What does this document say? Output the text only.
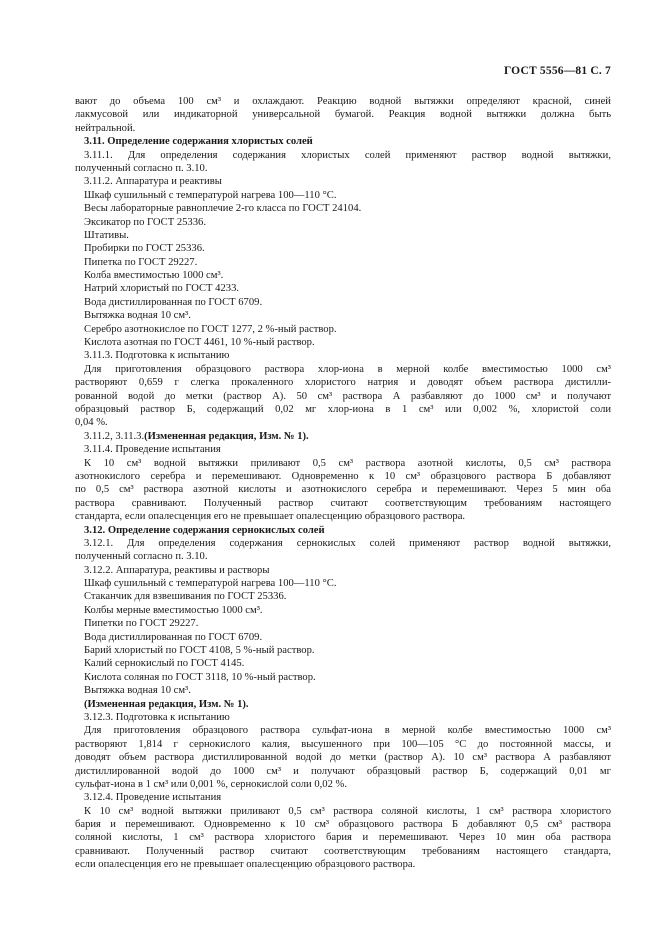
ГОСТ 5556—81 С. 7
вают до объема 100 см³ и охлаждают. Реакцию водной вытяжки определяют красной, синей
лакмусовой или индикаторной универсальной бумагой. Реакция водной вытяжки должна быть
нейтральной.
3.11. Определение содержания хлористых солей
3.11.1. Для определения содержания хлористых солей применяют раствор водной вытяжки,
полученный согласно п. 3.10.
3.11.2. Аппаратура и реактивы
Шкаф сушильный с температурой нагрева 100—110 °С.
Весы лабораторные равноплечие 2-го класса по ГОСТ 24104.
Эксикатор по ГОСТ 25336.
Штативы.
Пробирки по ГОСТ 25336.
Пипетка по ГОСТ 29227.
Колба вместимостью 1000 см³.
Натрий хлористый по ГОСТ 4233.
Вода дистиллированная по ГОСТ 6709.
Вытяжка водная 10 см³.
Серебро азотнокислое по ГОСТ 1277, 2 %-ный раствор.
Кислота азотная по ГОСТ 4461, 10 %-ный раствор.
3.11.3. Подготовка к испытанию
Для приготовления образцового раствора хлор-иона в мерной колбе вместимостью 1000 см³
растворяют 0,659 г слегка прокаленного хлористого натрия и доводят объем раствора дистилли-
рованной водой до метки (раствор А). 50 см³ раствора А разбавляют до 1000 см³ и получают
образцовый раствор Б, содержащий 0,02 мг хлор-иона в 1 см³ или 0,002 %, хлористой соли
0,04 %.
3.11.2, 3.11.3.(Измененная редакция, Изм. № 1).
3.11.4. Проведение испытания
К 10 см³ водной вытяжки приливают 0,5 см³ раствора азотной кислоты, 0,5 см³ раствора
азотнокислого серебра и перемешивают. Одновременно к 10 см³ образцового раствора Б добавляют
по 0,5 см³ раствора азотной кислоты и азотнокислого серебра и перемешивают. Через 5 мин оба
раствора сравнивают. Полученный раствор считают соответствующим требованиям настоящего
стандарта, если опалесценция его не превышает опалесценцию образцового раствора.
3.12. Определение содержания сернокислых солей
3.12.1. Для определения содержания сернокислых солей применяют раствор водной вытяжки,
полученный согласно п. 3.10.
3.12.2. Аппаратура, реактивы и растворы
Шкаф сушильный с температурой нагрева 100—110 °С.
Стаканчик для взвешивания по ГОСТ 25336.
Колбы мерные вместимостью 1000 см³.
Пипетки по ГОСТ 29227.
Вода дистиллированная по ГОСТ 6709.
Барий хлористый по ГОСТ 4108, 5 %-ный раствор.
Калий сернокислый по ГОСТ 4145.
Кислота соляная по ГОСТ 3118, 10 %-ный раствор.
Вытяжка водная 10 см³.
(Измененная редакция, Изм. № 1).
3.12.3. Подготовка к испытанию
Для приготовления образцового раствора сульфат-иона в мерной колбе вместимостью 1000 см³
растворяют 1,814 г сернокислого калия, высушенного при 100—105 °С до постоянной массы, и
доводят объем раствора дистиллированной водой до метки (раствор А). 10 см³ раствора А разбавляют
дистиллированной водой до 1000 см³ и получают образцовый раствор Б, содержащий 0,01 мг
сульфат-иона в 1 см³ или 0,001 %, сернокислой соли 0,02 %.
3.12.4. Проведение испытания
К 10 см³ водной вытяжки приливают 0,5 см³ раствора соляной кислоты, 1 см³ раствора хлористого
бария и перемешивают. Одновременно к 10 см³ образцового раствора Б добавляют 0,5 см³ раствора
соляной кислоты, 1 см³ раствора хлористого бария и перемешивают. Через 10 мин оба раствора
сравнивают. Полученный раствор считают соответствующим требованиям настоящего стандарта,
если опалесценция его не превышает опалесценцию образцового раствора.
